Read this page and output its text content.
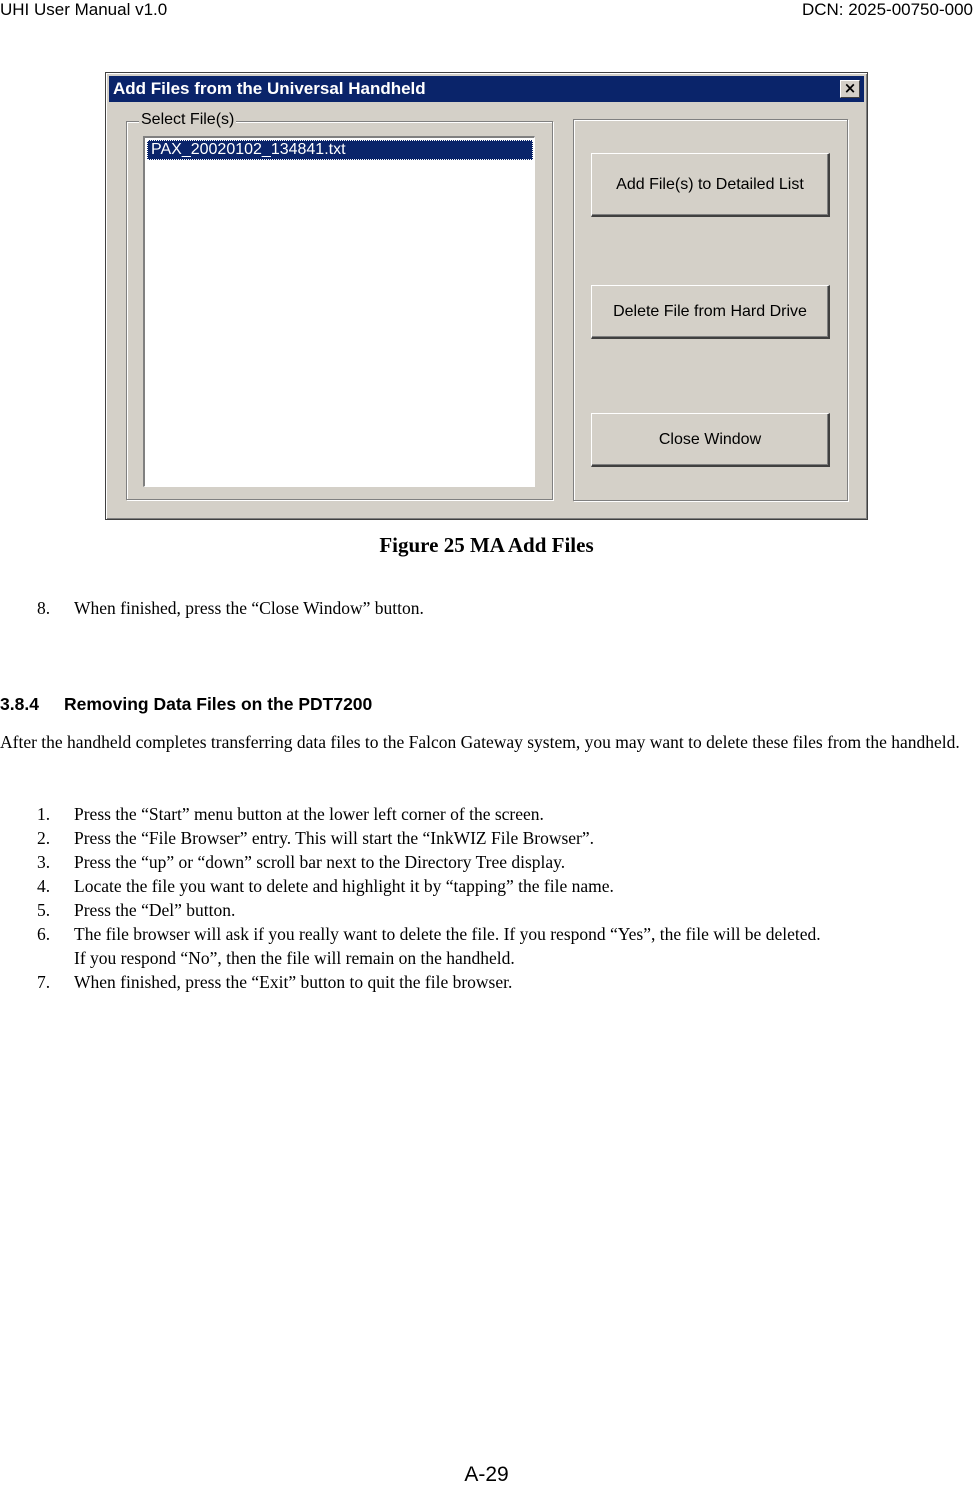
UHI User Manual v1.0	DCN: 2025-00750-000
Add Files from the Universal Handheld	×
Select File(s)
PAX_20020102_134841.txt
Add File(s) to Detailed List
Delete File from Hard Drive
Close Window
Figure 25 MA Add Files
8. When finished, press the “Close Window” button.
3.8.4 Removing Data Files on the PDT7200
After the handheld completes transferring data files to the Falcon Gateway system, you may want to delete these files from the handheld.
1. Press the “Start” menu button at the lower left corner of the screen.
2. Press the “File Browser” entry. This will start the “InkWIZ File Browser”.
3. Press the “up” or “down” scroll bar next to the Directory Tree display.
4. Locate the file you want to delete and highlight it by “tapping” the file name.
5. Press the “Del” button.
6. The file browser will ask if you really want to delete the file. If you respond “Yes”, the file will be deleted.
If you respond “No”, then the file will remain on the handheld.
7. When finished, press the “Exit” button to quit the file browser.
A-29
